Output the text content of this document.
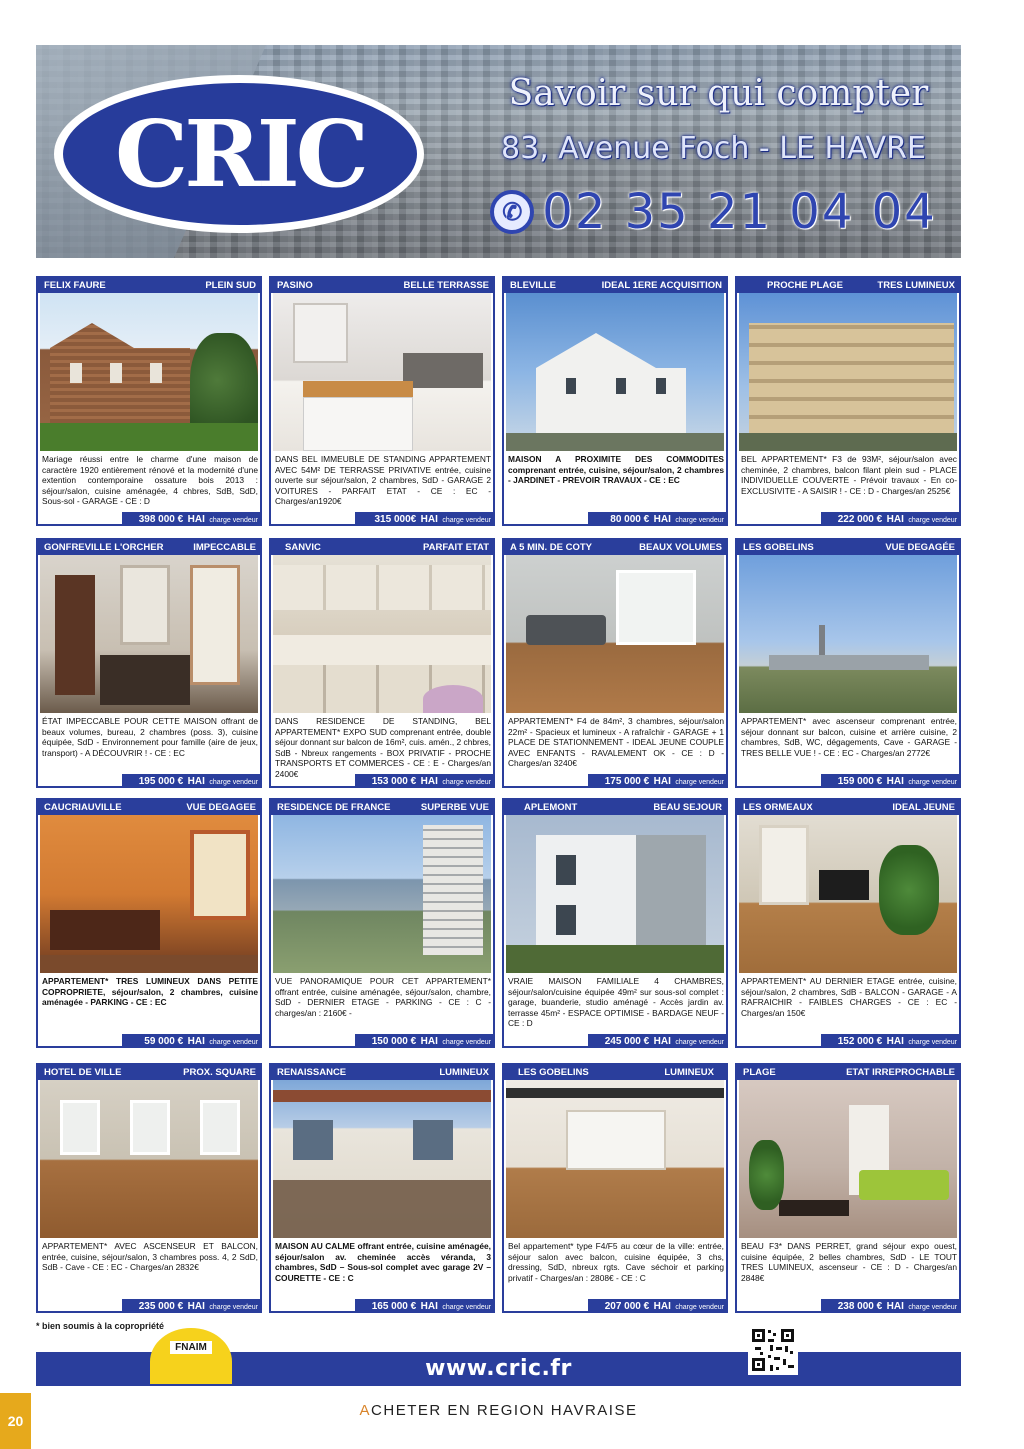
CRIC
Savoir sur qui compter
83, Avenue Foch - LE HAVRE
✆ 02 35 21 04 04
FELIX FAURE	PLEIN SUD
Mariage réussi entre le charme d'une maison de caractère 1920 entièrement rénové et la modernité d'une extention contemporaine ossature bois 2013 : séjour/salon, cuisine aménagée, 4 chbres, SdB, SdD, Sous-sol - GARAGE - CE : D
398 000 € HAI charge vendeur
PASINO	BELLE TERRASSE
DANS BEL IMMEUBLE DE STANDING APPARTEMENT AVEC 54M² DE TERRASSE PRIVATIVE entrée, cuisine ouverte sur séjour/salon, 2 chambres, SdD - GARAGE 2 VOITURES - PARFAIT ETAT - CE : EC - Charges/an1920€
315 000€ HAI charge vendeur
BLEVILLE	IDEAL 1ERE ACQUISITION
MAISON A PROXIMITE DES COMMODITES comprenant entrée, cuisine, séjour/salon, 2 chambres - JARDINET - PREVOIR TRAVAUX - CE : EC
80 000 € HAI charge vendeur
PROCHE PLAGE	TRES LUMINEUX
BEL APPARTEMENT* F3 de 93M², séjour/salon avec cheminée, 2 chambres, balcon filant plein sud - PLACE INDIVIDUELLE COUVERTE - Prévoir travaux - En co-EXCLUSIVITE - A SAISIR ! - CE : D - Charges/an 2525€
222 000 € HAI charge vendeur
GONFREVILLE L'ORCHER	IMPECCABLE
ÉTAT IMPECCABLE POUR CETTE MAISON offrant de beaux volumes, bureau, 2 chambres (poss. 3), cuisine équipée, SdD - Environnement pour famille (aire de jeux, transport) - A DÉCOUVRIR ! - CE : EC
195 000 € HAI charge vendeur
SANVIC	PARFAIT ETAT
DANS RESIDENCE DE STANDING, BEL APPARTEMENT* EXPO SUD comprenant entrée, double séjour donnant sur balcon de 16m², cuis. amén., 2 chbres, SdB - Nbreux rangements - BOX PRIVATIF - PROCHE TRANSPORTS ET COMMERCES - CE : E - Charges/an 2400€
153 000 € HAI charge vendeur
A 5 MIN. DE COTY	BEAUX VOLUMES
APPARTEMENT* F4 de 84m², 3 chambres, séjour/salon 22m² - Spacieux et lumineux - A rafraîchir - GARAGE + 1 PLACE DE STATIONNEMENT - IDEAL JEUNE COUPLE AVEC ENFANTS - RAVALEMENT OK - CE : D - Charges/an 3240€
175 000 € HAI charge vendeur
LES GOBELINS	VUE DEGAGÉE
APPARTEMENT* avec ascenseur comprenant entrée, séjour donnant sur balcon, cuisine et arrière cuisine, 2 chambres, SdB, WC, dégagements, Cave - GARAGE - TRES BELLE VUE ! - CE : EC - Charges/an 2772€
159 000 € HAI charge vendeur
CAUCRIAUVILLE	VUE DEGAGEE
APPARTEMENT* TRES LUMINEUX DANS PETITE COPROPRIETE, séjour/salon, 2 chambres, cuisine aménagée - PARKING - CE : EC
59 000 € HAI charge vendeur
RESIDENCE DE FRANCE	SUPERBE VUE
VUE PANORAMIQUE POUR CET APPARTEMENT* offrant entrée, cuisine aménagée, séjour/salon, chambre, SdD - DERNIER ETAGE - PARKING - CE : C - charges/an : 2160€ -
150 000 € HAI charge vendeur
APLEMONT	BEAU SEJOUR
VRAIE MAISON FAMILIALE 4 CHAMBRES, séjour/salon/cuisine équipée 49m² sur sous-sol complet : garage, buanderie, studio aménagé - Accès jardin av. terrasse 45m² - ESPACE OPTIMISE - BARDAGE NEUF - CE : D
245 000 € HAI charge vendeur
LES ORMEAUX	IDEAL JEUNE
APPARTEMENT* AU DERNIER ETAGE entrée, cuisine, séjour/salon, 2 chambres, SdB - BALCON - GARAGE - A RAFRAICHIR - FAIBLES CHARGES - CE : EC - Charges/an 150€
152 000 € HAI charge vendeur
HOTEL DE VILLE	PROX. SQUARE
APPARTEMENT* AVEC ASCENSEUR ET BALCON, entrée, cuisine, séjour/salon, 3 chambres poss. 4, 2 SdD, SdB - Cave - CE : EC - Charges/an 2832€
235 000 € HAI charge vendeur
RENAISSANCE	LUMINEUX
MAISON AU CALME offrant entrée, cuisine aménagée, séjour/salon av. cheminée accès véranda, 3 chambres, SdD – Sous-sol complet avec garage 2V – COURETTE - CE : C
165 000 € HAI charge vendeur
LES GOBELINS	LUMINEUX
Bel appartement* type F4/F5 au cœur de la ville: entrée, séjour salon avec balcon, cuisine équipée, 3 chs, dressing, SdD, nbreux rgts. Cave séchoir et parking privatif - Charges/an : 2808€ - CE : C
207 000 € HAI charge vendeur
PLAGE	ETAT IRREPROCHABLE
BEAU F3* DANS PERRET, grand séjour expo ouest, cuisine équipée, 2 belles chambres, SdD - LE TOUT TRES LUMINEUX, ascenseur - CE : D - Charges/an 2848€
238 000 € HAI charge vendeur
* bien soumis à la copropriété
www.cric.fr
FNAIM
20
ACHETER EN REGION HAVRAISE
